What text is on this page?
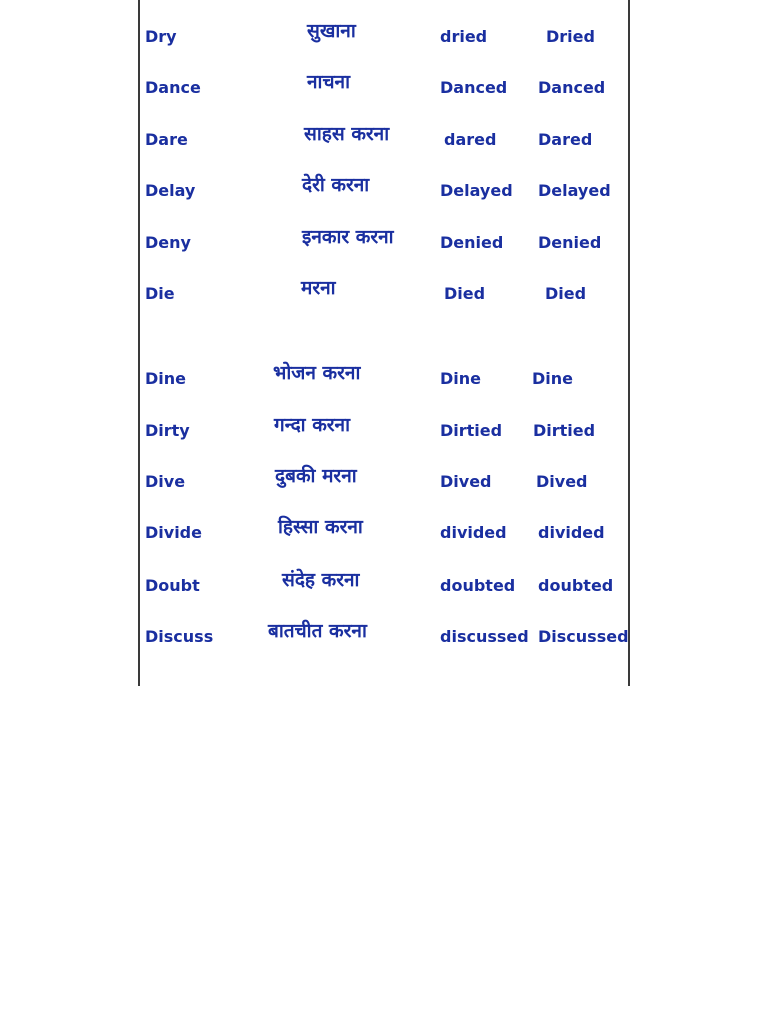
Dry	सुखाना	dried	Dried
Dance	नाचना	Danced Danced
Dare	साहस करना	dared	Dared
Delay	देरी करना	Delayed Delayed
Deny	इनकार करना	Denied Denied
Die	मरना	Died	Died
Dine	भोजन करना	Dine	Dine
Dirty	गन्दा करना	Dirtied Dirtied
Dive	दुबकी मरना	Dived	Dived
Divide	हिस्सा करना	divided divided
Doubt	संदेह करना	doubted doubted
Discuss	बातचीत करना	discussed Discussed
